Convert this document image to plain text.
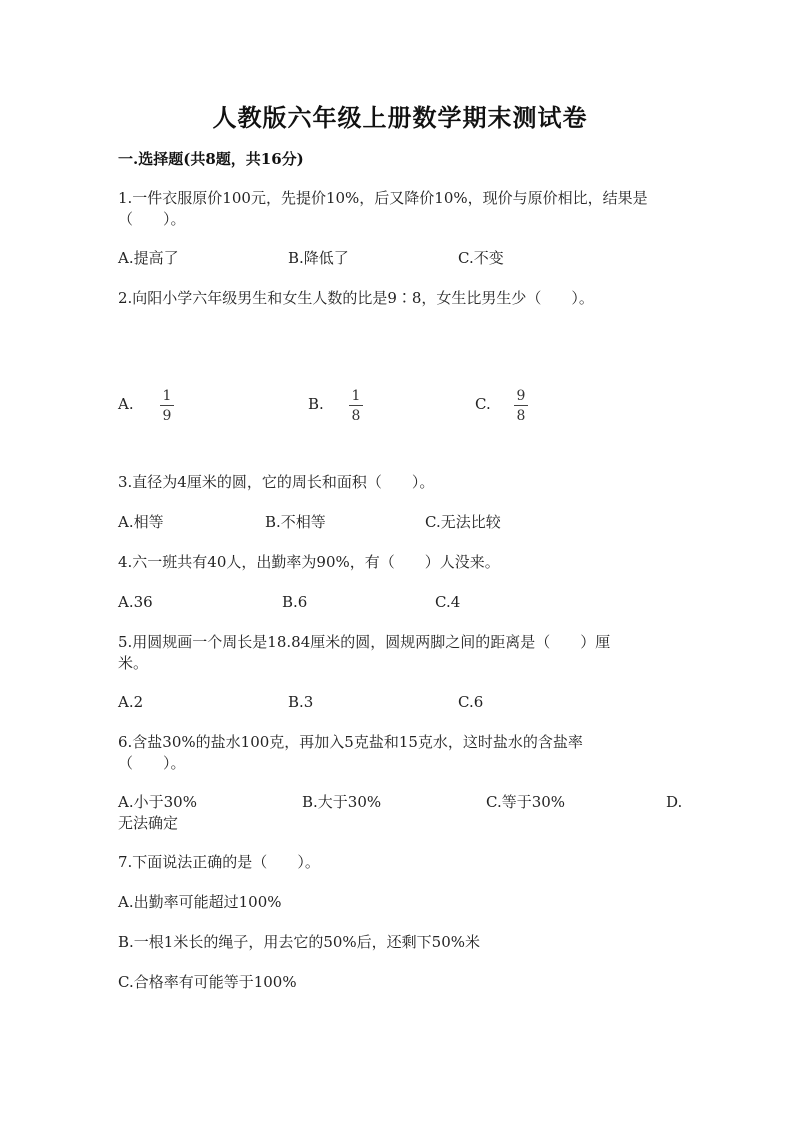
人教版六年级上册数学期末测试卷
一.选择题(共8题，共16分)
1.一件衣服原价100元，先提价10%，后又降价10%，现价与原价相比，结果是
（　　）。
A.提高了	B.降低了	C.不变
2.向阳小学六年级男生和女生人数的比是9∶8，女生比男生少（　　）。
A. 1
9
B. 1
8
C. 9
8
3.直径为4厘米的圆，它的周长和面积（　　）。
A.相等	B.不相等	C.无法比较
4.六一班共有40人，出勤率为90%，有（　　）人没来。
A.36	B.6	C.4
5.用圆规画一个周长是18.84厘米的圆，圆规两脚之间的距离是（　　）厘
米。
A.2	B.3	C.6
6.含盐30%的盐水100克，再加入5克盐和15克水，这时盐水的含盐率
（　　）。
A.小于30%	B.大于30%	C.等于30%	D.
无法确定
7.下面说法正确的是（　　）。
A.出勤率可能超过100%
B.一根1米长的绳子，用去它的50%后，还剩下50%米
C.合格率有可能等于100%
